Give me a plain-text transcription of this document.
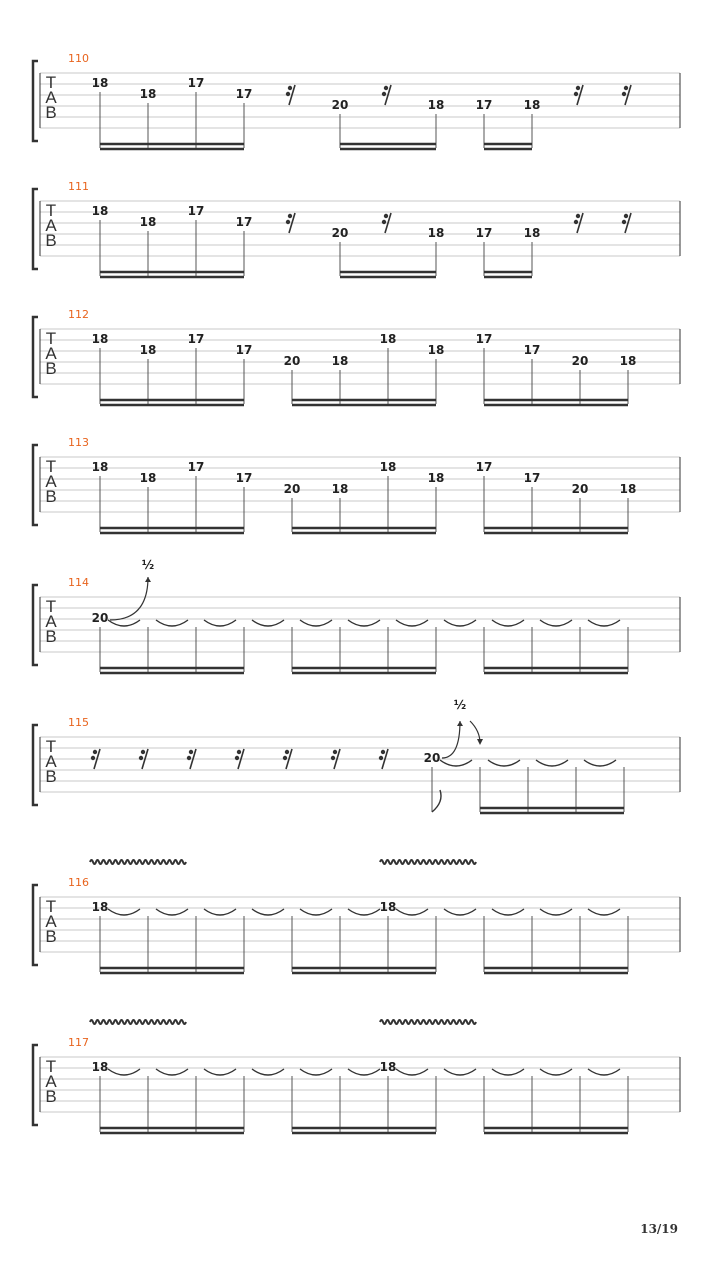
T
A
B
110
18
18
17
17
20	18	17	18
T
A
B
111
18
18
17
17
20	18	17	18
T
A
B
112
18
18
17
17
20	18
18
18
17
17
20	18
T
A
B
113
18
18
17
17
20	18
18
18
17
17
20	18
T
A
B
114
20
½
T
A
B
115
20
½
T
A
B
116
18	18
T
A
B
117
18	18
13/19
